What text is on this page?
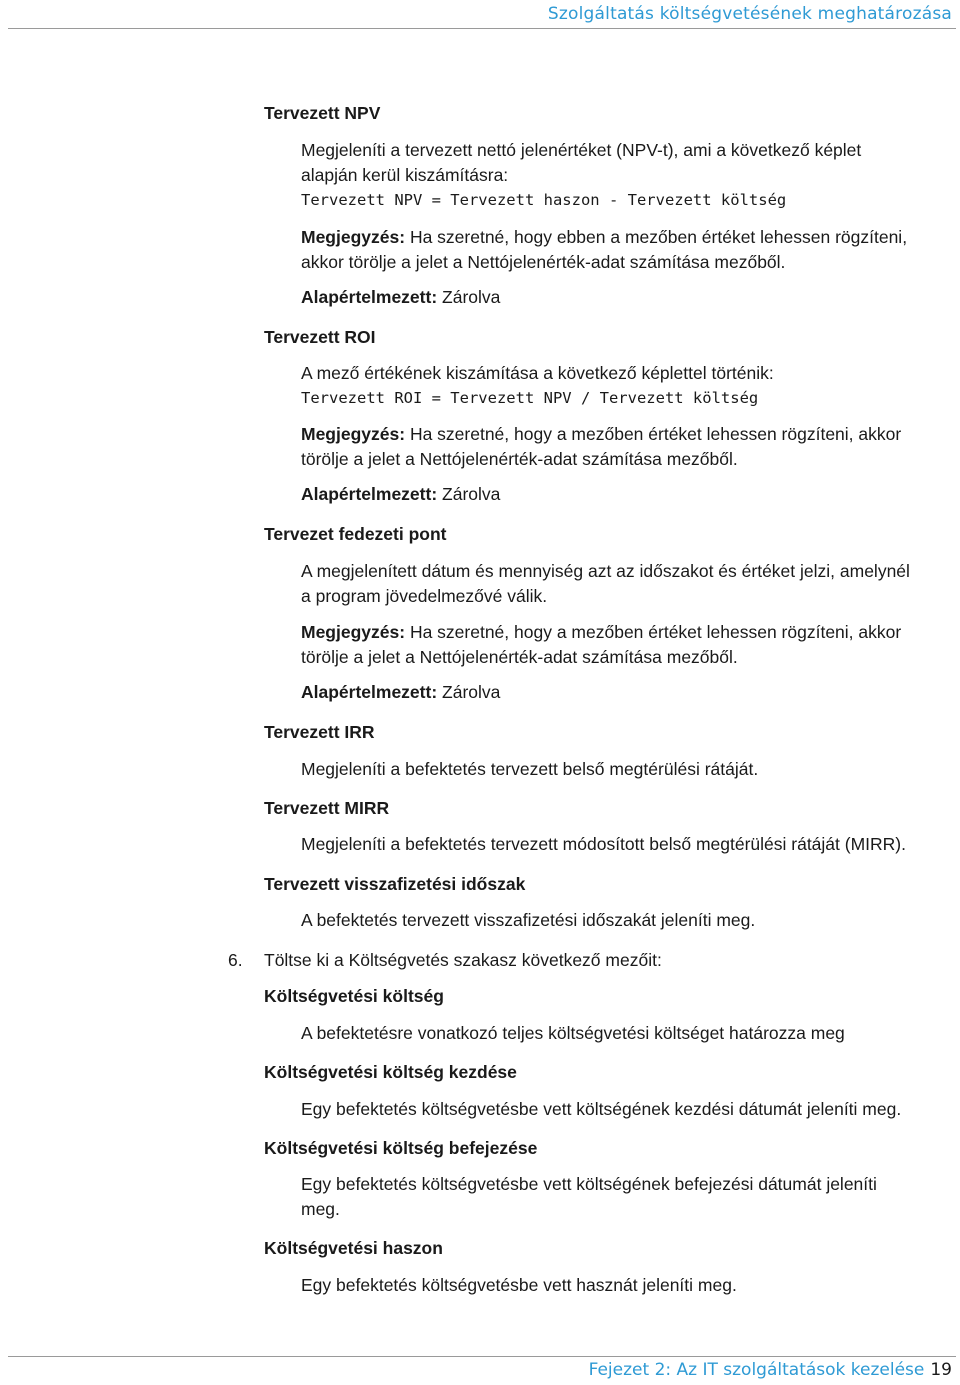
Szolgáltatás költségvetésének meghatározása
Tervezett NPV
Megjeleníti a tervezett nettó jelenértéket (NPV-t), ami a következő képlet
alapján kerül kiszámításra:
Tervezett NPV = Tervezett haszon - Tervezett költség
Megjegyzés: Ha szeretné, hogy ebben a mezőben értéket lehessen rögzíteni,
akkor törölje a jelet a Nettójelenérték-adat számítása mezőből.
Alapértelmezett: Zárolva
Tervezett ROI
A mező értékének kiszámítása a következő képlettel történik:
Tervezett ROI = Tervezett NPV / Tervezett költség
Megjegyzés: Ha szeretné, hogy a mezőben értéket lehessen rögzíteni, akkor
törölje a jelet a Nettójelenérték-adat számítása mezőből.
Alapértelmezett: Zárolva
Tervezet fedezeti pont
A megjelenített dátum és mennyiség azt az időszakot és értéket jelzi, amelynél
a program jövedelmezővé válik.
Megjegyzés: Ha szeretné, hogy a mezőben értéket lehessen rögzíteni, akkor
törölje a jelet a Nettójelenérték-adat számítása mezőből.
Alapértelmezett: Zárolva
Tervezett IRR
Megjeleníti a befektetés tervezett belső megtérülési rátáját.
Tervezett MIRR
Megjeleníti a befektetés tervezett módosított belső megtérülési rátáját (MIRR).
Tervezett visszafizetési időszak
A befektetés tervezett visszafizetési időszakát jeleníti meg.
6. Töltse ki a Költségvetés szakasz következő mezőit:
Költségvetési költség
A befektetésre vonatkozó teljes költségvetési költséget határozza meg
Költségvetési költség kezdése
Egy befektetés költségvetésbe vett költségének kezdési dátumát jeleníti meg.
Költségvetési költség befejezése
Egy befektetés költségvetésbe vett költségének befejezési dátumát jeleníti
meg.
Költségvetési haszon
Egy befektetés költségvetésbe vett hasznát jeleníti meg.
Fejezet 2: Az IT szolgáltatások kezelése 19
